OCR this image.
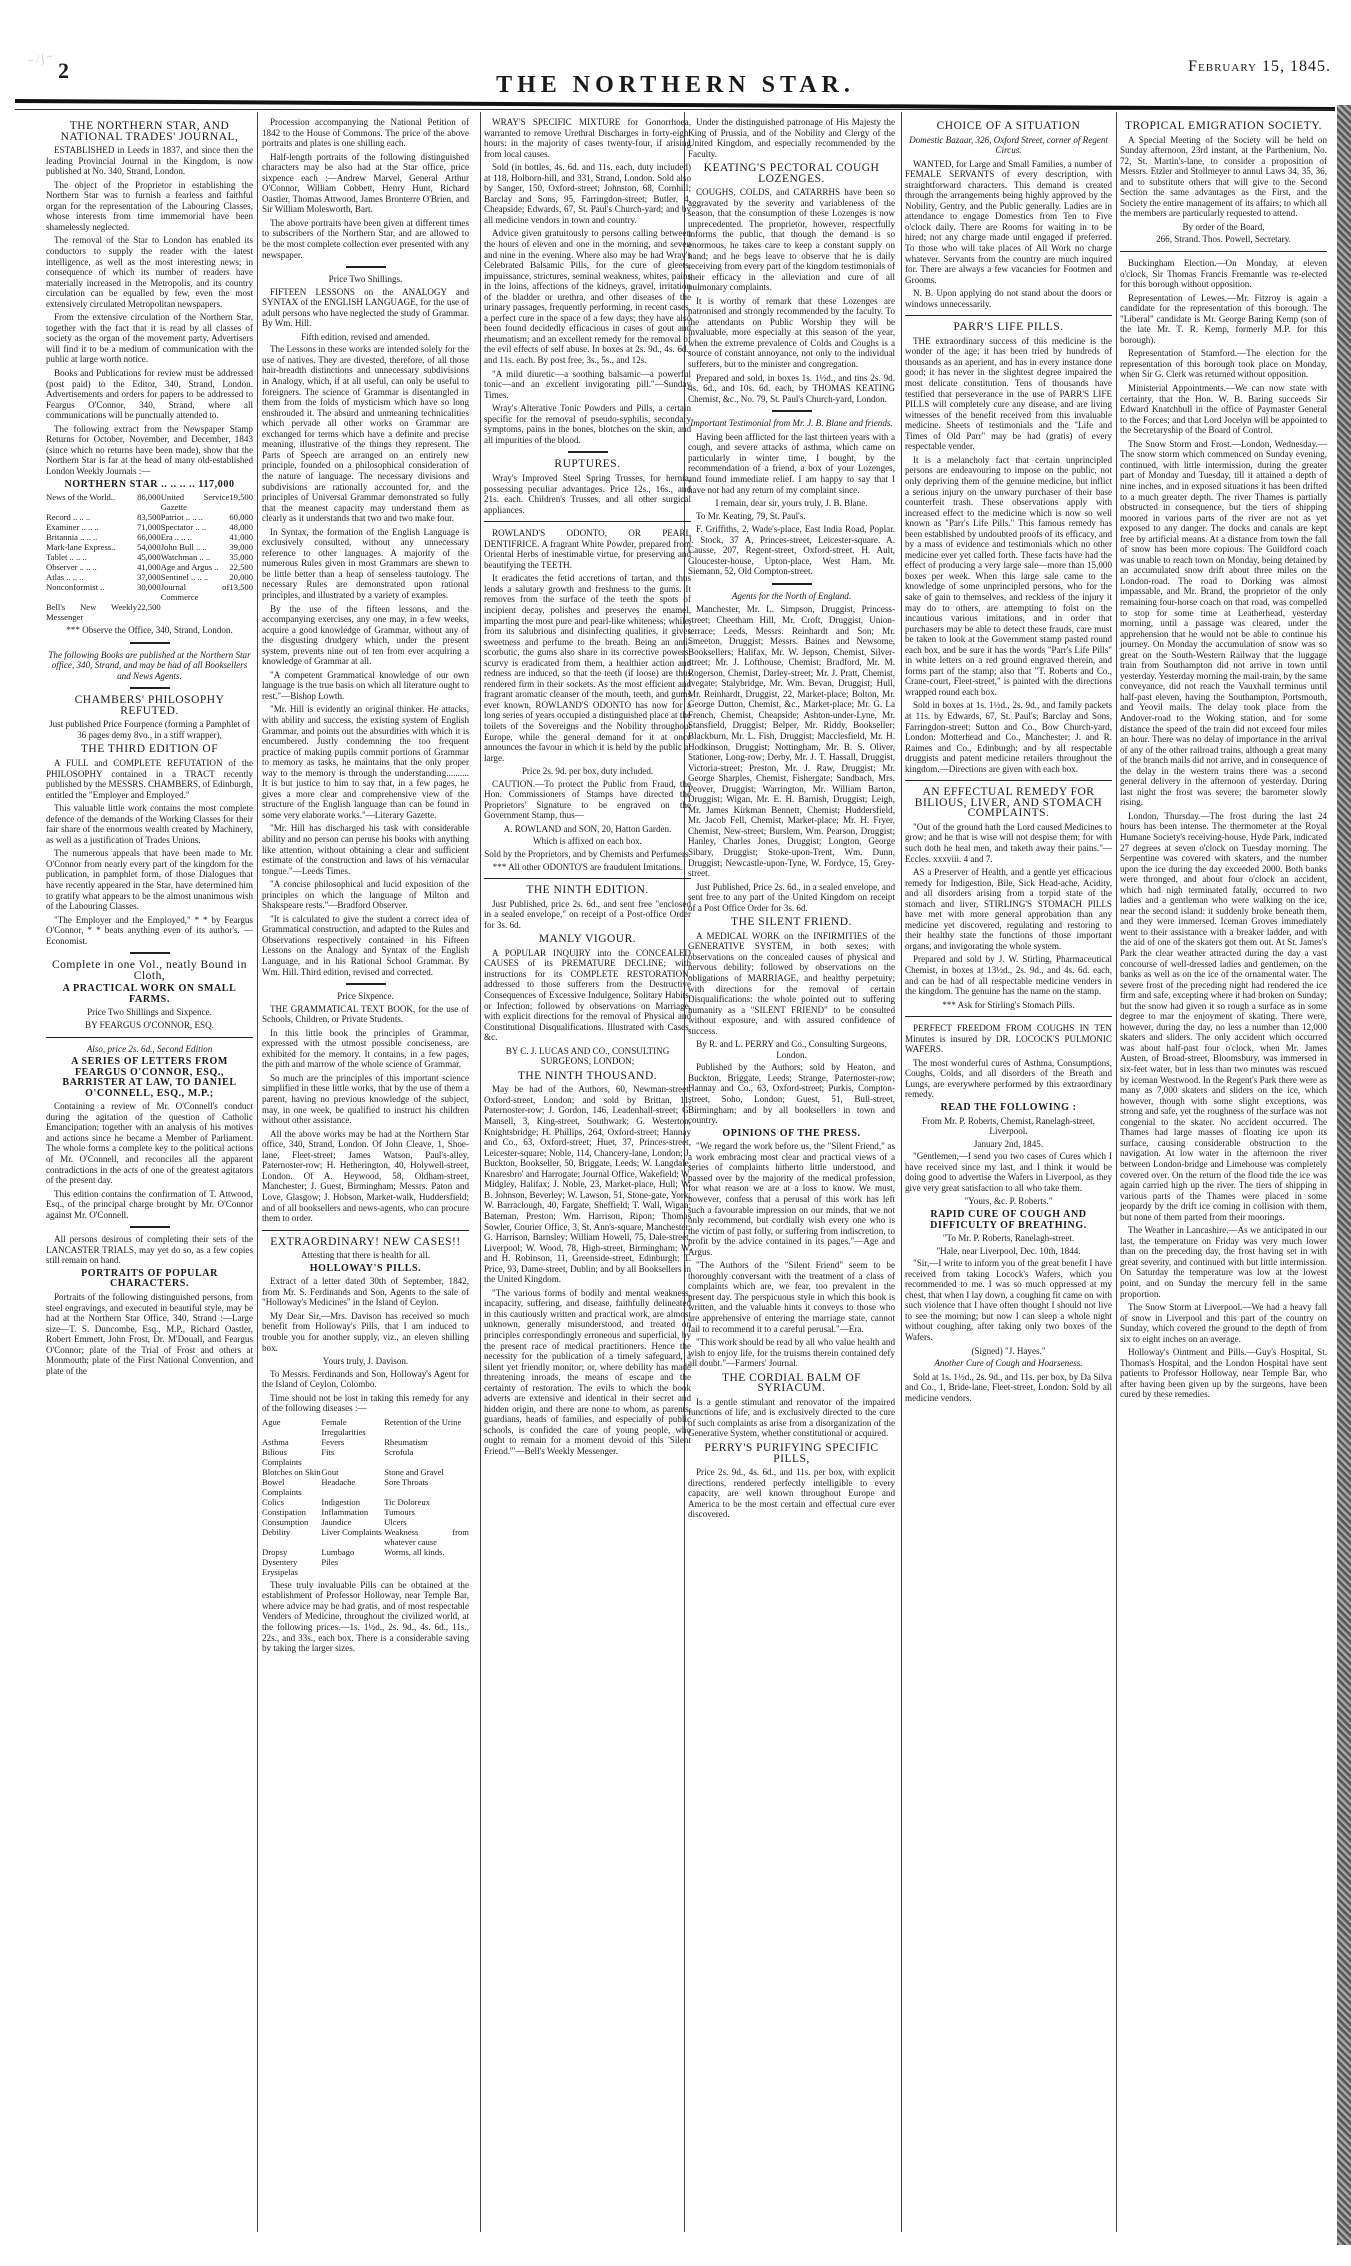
~ ⁄ ∫ ~ 2
THE NORTHERN STAR.
February 15, 1845.
THE NORTHERN STAR, AND NATIONAL TRADES' JOURNAL,

ESTABLISHED in Leeds in 1837, and since then the leading Provincial Journal in the Kingdom, is now published at No. 340, Strand, London.

The object of the Proprietor in establishing the Northern Star was to furnish a fearless and faithful organ for the representation of the Labouring Classes, whose interests from time immemorial have been shamelessly neglected.

The removal of the Star to London has enabled its conductors to supply the reader with the latest intelligence, as well as the most interesting news; in consequence of which its number of readers have materially increased in the Metropolis, and its country circulation can be equalled by few, even the most extensively circulated Metropolitan newspapers.

From the extensive circulation of the Northern Star, together with the fact that it is read by all classes of society as the organ of the movement party, Advertisers will find it to be a medium of communication with the public at large worth notice.

Books and Publications for review must be addressed (post paid) to the Editor, 340, Strand, London. Advertisements and orders for papers to be addressed to Feargus O'Connor, 340, Strand, where all communications will be punctually attended to.

The following extract from the Newspaper Stamp Returns for October, November, and December, 1843 (since which no returns have been made), show that the Northern Star is far at the head of many old-established London Weekly Journals :—

NORTHERN STAR .. .. .. .. 117,000
News of the World..	86,000	United Service Gazette	19,500
Record .. .. ..	83,500	Patriot .. .. ..	60,000
Examiner .. .. ..	71,000	Spectator .. ..	48,000
Britannia .. .. ..	66,000	Era .. .. ..	41,000
Mark-lane Express..	54,000	John Bull .. ..	39,000
Tablet .. .. ..	45,000	Watchman .. ..	35,000
Observer .. .. ..	41,000	Age and Argus ..	22,500
Atlas .. .. ..	37,000	Sentinel .. .. ..	20,000
Nonconformist ..	30,000	Journal of Commerce	13,500
Bell's New Weekly Messenger	22,500		

*** Observe the Office, 340, Strand, London.

The following Books are published at the Northern Star office, 340, Strand, and may be had of all Booksellers and News Agents.

CHAMBERS' PHILOSOPHY REFUTED.

Just published Price Fourpence (forming a Pamphlet of 36 pages demy 8vo., in a stiff wrapper),

THE THIRD EDITION OF

A FULL and COMPLETE REFUTATION of the PHILOSOPHY contained in a TRACT recently published by the MESSRS. CHAMBERS, of Edinburgh, entitled the "Employer and Employed."

This valuable little work contains the most complete defence of the demands of the Working Classes for their fair share of the enormous wealth created by Machinery, as well as a justification of Trades Unions.

The numerous appeals that have been made to Mr. O'Connor from nearly every part of the kingdom for the publication, in pamphlet form, of those Dialogues that have recently appeared in the Star, have determined him to gratify what appears to be the almost unanimous wish of the Labouring Classes.

"The Employer and the Employed," * * by Feargus O'Connor, * * beats anything even of its author's. —Economist.

Complete in one Vol., neatly Bound in Cloth,
A PRACTICAL WORK ON SMALL FARMS.

Price Two Shillings and Sixpence.

BY FEARGUS O'CONNOR, ESQ.

Also, price 2s. 6d., Second Edition

A SERIES OF LETTERS FROM FEARGUS O'CONNOR, ESQ., BARRISTER AT LAW, TO DANIEL O'CONNELL, ESQ., M.P.;

Containing a review of Mr. O'Connell's conduct during the agitation of the question of Catholic Emancipation; together with an analysis of his motives and actions since he became a Member of Parliament. The whole forms a complete key to the political actions of Mr. O'Connell, and reconciles all the apparent contradictions in the acts of one of the greatest agitators of the present day.

This edition contains the confirmation of T. Attwood, Esq., of the principal charge brought by Mr. O'Connor against Mr. O'Connell.

All persons desirous of completing their sets of the LANCASTER TRIALS, may yet do so, as a few copies still remain on hand.

PORTRAITS OF POPULAR CHARACTERS.

Portraits of the following distinguished persons, from steel engravings, and executed in beautiful style, may be had at the Northern Star Office, 340, Strand :—Large size—T. S. Duncombe, Esq., M.P., Richard Oastler, Robert Emmett, John Frost, Dr. M'Douall, and Feargus O'Connor; plate of the Trial of Frost and others at Monmouth; plate of the First National Convention, and plate of the

Procession accompanying the National Petition of 1842 to the House of Commons. The price of the above portraits and plates is one shilling each.

Half-length portraits of the following distinguished characters may be also had at the Star office, price sixpence each :—Andrew Marvel, General Arthur O'Connor, William Cobbett, Henry Hunt, Richard Oastler, Thomas Attwood, James Bronterre O'Brien, and Sir William Molesworth, Bart.

The above portraits have been given at different times to subscribers of the Northern Star, and are allowed to be the most complete collection ever presented with any newspaper.

Price Two Shillings.

FIFTEEN LESSONS on the ANALOGY and SYNTAX of the ENGLISH LANGUAGE, for the use of adult persons who have neglected the study of Grammar. By Wm. Hill.

Fifth edition, revised and amended.

The Lessons in these works are intended solely for the use of natives. They are divested, therefore, of all those hair-breadth distinctions and unnecessary subdivisions in Analogy, which, if at all useful, can only be useful to foreigners. The science of Grammar is disentangled in them from the folds of mysticism which have so long enshrouded it. The absurd and unmeaning technicalities which pervade all other works on Grammar are exchanged for terms which have a definite and precise meaning, illustrative of the things they represent. The Parts of Speech are arranged on an entirely new principle, founded on a philosophical consideration of the nature of language. The necessary divisions and subdivisions are rationally accounted for, and the principles of Universal Grammar demonstrated so fully that the meanest capacity may understand them as clearly as it understands that two and two make four.

In Syntax, the formation of the English Language is exclusively consulted, without any unnecessary reference to other languages. A majority of the numerous Rules given in most Grammars are shewn to be little better than a heap of senseless tautology. The necessary Rules are demonstrated upon rational principles, and illustrated by a variety of examples.

By the use of the fifteen lessons, and the accompanying exercises, any one may, in a few weeks, acquire a good knowledge of Grammar, without any of the disgusting drudgery which, under the present system, prevents nine out of ten from ever acquiring a knowledge of Grammar at all.

"A competent Grammatical knowledge of our own language is the true basis on which all literature ought to rest."—Bishop Lowth.

"Mr. Hill is evidently an original thinker. He attacks, with ability and success, the existing system of English Grammar, and points out the absurdities with which it is encumbered. Justly condemning the too frequent practice of making pupils commit portions of Grammar to memory as tasks, he maintains that the only proper way to the memory is through the understanding.......... It is but justice to him to say that, in a few pages, he gives a more clear and comprehensive view of the structure of the English language than can be found in some very elaborate works."—Literary Gazette.

"Mr. Hill has discharged his task with considerable ability and no person can peruse his books with anything like attention, without obtaining a clear and sufficient estimate of the construction and laws of his vernacular tongue."—Leeds Times.

"A concise philosophical and lucid exposition of the principles on which the language of Milton and Shakspeare rests."—Bradford Observer.

"It is calculated to give the student a correct idea of Grammatical construction, and adapted to the Rules and Observations respectively contained in his Fifteen Lessons on the Analogy and Syntax of the English Language, and in his Rational School Grammar. By Wm. Hill. Third edition, revised and corrected.

Price Sixpence.

THE GRAMMATICAL TEXT BOOK, for the use of Schools, Children, or Private Students.

In this little book the principles of Grammar, expressed with the utmost possible conciseness, are exhibited for the memory. It contains, in a few pages, the pith and marrow of the whole science of Grammar.

So much are the principles of this important science simplified in these little works, that by the use of them a parent, having no previous knowledge of the subject, may, in one week, be qualified to instruct his children without other assistance.

All the above works may be had at the Northern Star office, 340, Strand, London. Of John Cleave, 1, Shoe-lane, Fleet-street; James Watson, Paul's-alley, Paternoster-row; H. Hetherington, 40, Holywell-street, London. Of A. Heywood, 58, Oldham-street, Manchester; J. Guest, Birmingham; Messrs. Paton and Love, Glasgow; J. Hobson, Market-walk, Huddersfield; and of all booksellers and news-agents, who can procure them to order.

EXTRAORDINARY! NEW CASES!!

Attesting that there is health for all.

HOLLOWAY'S PILLS.

Extract of a letter dated 30th of September, 1842, from Mr. S. Ferdinands and Son, Agents to the sale of "Holloway's Medicines" in the Island of Ceylon.

My Dear Sir,—Mrs. Davison has received so much benefit from Holloway's Pills, that I am induced to trouble you for another supply, viz., an eleven shilling box.

Yours truly, J. Davison.

To Messrs. Ferdinands and Son, Holloway's Agent for the Island of Ceylon, Colombo.

Time should not be lost in taking this remedy for any of the following diseases :—

Ague	Female Irregularities	Retention of the Urine
Asthma	Fevers	Rheumatism
Bilious Complaints	Fits	Scrofula
Blotches on Skin	Gout	Stone and Gravel
Bowel Complaints	Headache	Sore Throats
Colics	Indigestion	Tic Doloreux
Constipation	Inflammation	Tumours
Consumption	Jaundice	Ulcers
Debility	Liver Complaints	Weakness from whatever cause
Dropsy	Lumbago	Worms, all kinds.
Dysentery	Piles	
Erysipelas		

These truly invaluable Pills can be obtained at the establishment of Professor Holloway, near Temple Bar, where advice may be had gratis, and of most respectable Venders of Medicine, throughout the civilized world, at the following prices.—1s. 1½d., 2s. 9d., 4s. 6d., 11s., 22s., and 33s., each box. There is a considerable saving by taking the larger sizes.

WRAY'S SPECIFIC MIXTURE for Gonorrhoea, warranted to remove Urethral Discharges in forty-eight hours: in the majority of cases twenty-four, if arising from local causes.

Sold (in bottles, 4s. 6d. and 11s. each, duty included) at 118, Holborn-hill, and 331, Strand, London. Sold also by Sanger, 150, Oxford-street; Johnston, 68, Cornhill; Barclay and Sons, 95, Farringdon-street; Butler, 4, Cheapside; Edwards, 67, St. Paul's Church-yard; and by all medicine vendors in town and country.

Advice given gratuitously to persons calling between the hours of eleven and one in the morning, and seven and nine in the evening. Where also may be had Wray's Celebrated Balsamic Pills, for the cure of gleets, impuissance, strictures, seminal weakness, whites, pains in the loins, affections of the kidneys, gravel, irritation of the bladder or urethra, and other diseases of the urinary passages, frequently performing, in recent cases, a perfect cure in the space of a few days; they have also been found decidedly efficacious in cases of gout and rheumatism; and an excellent remedy for the removal of the evil effects of self abuse. In boxes at 2s. 9d., 4s. 6d., and 11s. each. By post free, 3s., 5s., and 12s.

"A mild diuretic—a soothing balsamic—a powerful tonic—and an excellent invigorating pill."—Sunday Times.

Wray's Alterative Tonic Powders and Pills, a certain specific for the removal of pseudo-syphilis, secondary symptoms, pains in the bones, blotches on the skin, and all impurities of the blood.

RUPTURES.

Wray's Improved Steel Spring Trusses, for hernia, possessing peculiar advantages. Price 12s., 16s., and 21s. each. Children's Trusses, and all other surgical appliances.

ROWLAND'S ODONTO, OR PEARL DENTIFRICE. A fragrant White Powder, prepared from Oriental Herbs of inestimable virtue, for preserving and beautifying the TEETH.

It eradicates the fetid accretions of tartan, and thus lends a salutary growth and freshness to the gums. It removes from the surface of the teeth the spots of incipient decay, polishes and preserves the enamel, imparting the most pure and pearl-like whiteness; while, from its salubrious and disinfecting qualities, it gives sweetness and perfume to the breath. Being an anti-scorbutic, the gums also share in its corrective powers; scurvy is eradicated from them, a healthier action and redness are induced, so that the teeth (if loose) are thus rendered firm in their sockets. As the most efficient and fragrant aromatic cleanser of the mouth, teeth, and gums ever known, ROWLAND'S ODONTO has now for a long series of years occupied a distinguished place at the toilets of the Sovereigns and the Nobility throughout Europe, while the general demand for it at once announces the favour in which it is held by the public at large.

Price 2s. 9d. per box, duty included.

CAUTION.—To protect the Public from Fraud, the Hon. Commissioners of Stamps have directed the Proprietors' Signature to be engraved on the Government Stamp, thus—

A. ROWLAND and SON, 20, Hatton Garden.

Which is affixed on each box.

Sold by the Proprietors, and by Chemists and Perfumers.

*** All other ODONTO'S are fraudulent Imitations.

THE NINTH EDITION.

Just Published, price 2s. 6d., and sent free "enclosed in a sealed envelope," on receipt of a Post-office Order for 3s. 6d.

MANLY VIGOUR.

A POPULAR INQUIRY into the CONCEALED CAUSES of its PREMATURE DECLINE; with instructions for its COMPLETE RESTORATION, addressed to those sufferers from the Destructive Consequences of Excessive Indulgence, Solitary Habits, or Infection; followed by observations on Marriage, with explicit directions for the removal of Physical and Constitutional Disqualifications. Illustrated with Cases, &c.

BY C. J. LUCAS AND CO., CONSULTING SURGEONS, LONDON;

THE NINTH THOUSAND.

May be had of the Authors, 60, Newman-street, Oxford-street, London; and sold by Brittan, 11, Paternoster-row; J. Gordon, 146, Leadenhall-street; G. Mansell, 3, King-street, Southwark; G. Westerton, Knightsbridge; H. Phillips, 264, Oxford-street; Hannay and Co., 63, Oxford-street; Huet, 37, Princes-street, Leicester-square; Noble, 114, Chancery-lane, London; J. Buckton, Bookseller, 50, Briggate, Leeds; W. Langdale, Knaresbro' and Harrogate; Journal Office, Wakefield; W. Midgley, Halifax; J. Noble, 23, Market-place, Hull; W. B. Johnson, Beverley; W. Lawson, 51, Stone-gate, York; W. Barraclough, 40, Fargate, Sheffield; T. Wall, Wigan; Bateman, Preston; Wm. Harrison, Ripon; Thomas Sowler, Courier Office, 3, St. Ann's-square, Manchester; G. Harrison, Barnsley; William Howell, 75, Dale-street, Liverpool; W. Wood, 78, High-street, Birmingham; W. and H. Robinson, 11, Greenside-street, Edinburgh; T. Price, 93, Dame-street, Dublin; and by all Booksellers in the United Kingdom.

"The various forms of bodily and mental weakness, incapacity, suffering, and disease, faithfully delineated in this cautiously written and practical work, are almost unknown, generally misunderstood, and treated on principles correspondingly erroneous and superficial, by the present race of medical practitioners. Hence the necessity for the publication of a timely safeguard, a silent yet friendly monitor; or, where debility has made threatening inroads, the means of escape and the certainty of restoration. The evils to which the book adverts are extensive and identical in their secret and hidden origin, and there are none to whom, as parents, guardians, heads of families, and especially of public schools, is confided the care of young people, who ought to remain for a moment devoid of this 'Silent Friend.'"—Bell's Weekly Messenger.

Under the distinguished patronage of His Majesty the King of Prussia, and of the Nobility and Clergy of the United Kingdom, and especially recommended by the Faculty.

KEATING'S PECTORAL COUGH LOZENGES.

COUGHS, COLDS, and CATARRHS have been so aggravated by the severity and variableness of the season, that the consumption of these Lozenges is now unprecedented. The proprietor, however, respectfully informs the public, that though the demand is so enormous, he takes care to keep a constant supply on hand; and he begs leave to observe that he is daily receiving from every part of the kingdom testimonials of their efficacy in the alleviation and cure of all pulmonary complaints.

It is worthy of remark that these Lozenges are patronised and strongly recommended by the faculty. To the attendants on Public Worship they will be invaluable, more especially at this season of the year, when the extreme prevalence of Colds and Coughs is a source of constant annoyance, not only to the individual sufferers, but to the minister and congregation.

Prepared and sold, in boxes 1s. 1½d., and tins 2s. 9d. 4s. 6d., and 10s. 6d. each, by THOMAS KEATING Chemist, &c., No. 79, St. Paul's Church-yard, London.

Important Testimonial from Mr. J. B. Blane and friends.

Having been afflicted for the last thirteen years with a cough, and severe attacks of asthma, which came on particularly in winter time, I bought, by the recommendation of a friend, a box of your Lozenges, and found immediate relief. I am happy to say that I have not had any return of my complaint since.

I remain, dear sir, yours truly, J. B. Blane.

To Mr. Keating, 79, St. Paul's.

F. Griffiths, 2, Wade's-place, East India Road, Poplar. J. Stock, 37 A, Princes-street, Leicester-square. A. Causse, 207, Regent-street, Oxford-street. H. Ault, Gloucester-house, Upton-place, West Ham. Mr. Siemann, 52, Old Compton-street.

Agents for the North of England.

Manchester, Mr. L. Simpson, Druggist, Princess-street; Cheetham Hill, Mr. Croft, Druggist, Union-terrace; Leeds, Messrs. Reinhardt and Son; Mr. Smeeton, Druggist; Messrs. Baines and Newsome, Booksellers; Halifax, Mr. W. Jepson, Chemist, Silver-street; Mr. J. Lofthouse, Chemist; Bradford, Mr. M. Rogerson, Chemist, Darley-street; Mr. J. Pratt, Chemist, Ivegate; Stalybridge, Mr. Wm. Bevan, Druggist; Hull, Mr. Reinhardt, Druggist, 22, Market-place; Bolton, Mr. George Dutton, Chemist, &c., Market-place; Mr. G. La French, Chemist, Cheapside; Ashton-under-Lyne, Mr. Stansfield, Druggist; Belper, Mr. Riddy, Bookseller; Blackburn, Mr. L. Fish, Druggist; Macclesfield, Mr. H. Hodkinson, Druggist; Nottingham, Mr. B. S. Oliver, Stationer, Long-row; Derby, Mr. J. T. Hassall, Druggist, Victoria-street; Preston, Mr. J. Raw, Druggist; Mr. George Sharples, Chemist, Fishergate; Sandbach, Mrs. Peover, Druggist; Warrington, Mr. William Barton, Druggist; Wigan, Mr. E. H. Barnish, Druggist; Leigh, Mr. James Kirkman Bennett, Chemist; Huddersfield, Mr. Jacob Fell, Chemist, Market-place; Mr. H. Fryer, Chemist, New-street; Burslem, Wm. Pearson, Druggist; Hanley, Charles Jones, Druggist; Longton, George Sibary, Druggist; Stoke-upon-Trent, Wm. Dunn, Druggist; Newcastle-upon-Tyne, W. Fordyce, 15, Grey-street.

Just Published, Price 2s. 6d., in a sealed envelope, and sent free to any part of the United Kingdom on receipt of a Post Office Order for 3s. 6d.

THE SILENT FRIEND.

A MEDICAL WORK on the INFIRMITIES of the GENERATIVE SYSTEM, in both sexes; with observations on the concealed causes of physical and nervous debility; followed by observations on the obligations of MARRIAGE, and healthy perpetuity; with directions for the removal of certain Disqualifications: the whole pointed out to suffering humanity as a "SILENT FRIEND" to be consulted without exposure, and with assured confidence of success.

By R. and L. PERRY and Co., Consulting Surgeons, London.

Published by the Authors; sold by Heaton, and Buckton, Briggate, Leeds; Strange, Paternoster-row; Hannay and Co., 63, Oxford-street; Purkis, Compton-street, Soho, London; Guest, 51, Bull-street, Birmingham; and by all booksellers in town and country.

OPINIONS OF THE PRESS.

"We regard the work before us, the "Silent Friend," as a work embracing most clear and practical views of a series of complaints hitherto little understood, and passed over by the majority of the medical profession, for what reason we are at a loss to know. We must, however, confess that a perusal of this work has left such a favourable impression on our minds, that we not only recommend, but cordially wish every one who is the victim of past folly, or suffering from indiscretion, to profit by the advice contained in its pages."—Age and Argus.

"The Authors of the "Silent Friend" seem to be thoroughly conversant with the treatment of a class of complaints which are, we fear, too prevalent in the present day. The perspicuous style in which this book is written, and the valuable hints it conveys to those who are apprehensive of entering the marriage state, cannot fail to recommend it to a careful perusal."—Era.

"This work should be read by all who value health and wish to enjoy life, for the truisms therein contained defy all doubt."—Farmers' Journal.

THE CORDIAL BALM OF SYRIACUM.

Is a gentle stimulant and renovator of the impaired functions of life, and is exclusively directed to the cure of such complaints as arise from a disorganization of the Generative System, whether constitutional or acquired.

PERRY'S PURIFYING SPECIFIC PILLS,

Price 2s. 9d., 4s. 6d., and 11s. per box, with explicit directions, rendered perfectly intelligible to every capacity, are well known throughout Europe and America to be the most certain and effectual cure ever discovered.

CHOICE OF A SITUATION

Domestic Bazaar, 326, Oxford Street, corner of Regent Circus.

WANTED, for Large and Small Families, a number of FEMALE SERVANTS of every description, with straightforward characters. This demand is created through the arrangements being highly approved by the Nobility, Gentry, and the Public generally. Ladies are in attendance to engage Domestics from Ten to Five o'clock daily. There are Rooms for waiting in to be hired; not any charge made until engaged if preferred. To those who will take places of All Work no charge whatever. Servants from the country are much inquired for. There are always a few vacancies for Footmen and Grooms.

N. B. Upon applying do not stand about the doors or windows unnecessarily.

PARR'S LIFE PILLS.

THE extraordinary success of this medicine is the wonder of the age; it has been tried by hundreds of thousands as an aperient, and has in every instance done good; it has never in the slightest degree impaired the most delicate constitution. Tens of thousands have testified that perseverance in the use of PARR'S LIFE PILLS will completely cure any disease, and are living witnesses of the benefit received from this invaluable medicine. Sheets of testimonials and the "Life and Times of Old Parr" may be had (gratis) of every respectable vender.

It is a melancholy fact that certain unprincipled persons are endeavouring to impose on the public, not only depriving them of the genuine medicine, but inflict a serious injury on the unwary purchaser of their base counterfeit trash. These observations apply with increased effect to the medicine which is now so well known as "Parr's Life Pills." This famous remedy has been established by undoubted proofs of its efficacy, and by a mass of evidence and testimonials which no other medicine ever yet called forth. These facts have had the effect of producing a very large sale—more than 15,000 boxes per week. When this large sale came to the knowledge of some unprincipled persons, who for the sake of gain to themselves, and reckless of the injury it may do to others, are attempting to foist on the incautious various imitations, and in order that purchasers may be able to detect these frauds, care must be taken to look at the Government stamp pasted round each box, and be sure it has the words "Parr's Life Pills" in white letters on a red ground engraved therein, and forms part of the stamp; also that "T. Roberts and Co., Crane-court, Fleet-street," is painted with the directions wrapped round each box.

Sold in boxes at 1s. 1½d., 2s. 9d., and family packets at 11s. by Edwards, 67, St. Paul's; Barclay and Sons, Farringdon-street; Sutton and Co., Bow Church-yard, London: Motterhead and Co., Manchester; J. and R. Raimes and Co., Edinburgh; and by all respectable druggists and patent medicine retailers throughout the kingdom.—Directions are given with each box.

AN EFFECTUAL REMEDY FOR BILIOUS, LIVER, AND STOMACH COMPLAINTS.

"Out of the ground hath the Lord caused Medicines to grow; and he that is wise will not despise them; for with such doth he heal men, and taketh away their pains."—Eccles. xxxviii. 4 and 7.

AS a Preserver of Health, and a gentle yet efficacious remedy for Indigestion, Bile, Sick Head-ache, Acidity, and all disorders arising from a torpid state of the stomach and liver, STIRLING'S STOMACH PILLS have met with more general approbation than any medicine yet discovered, regulating and restoring to their healthy state the functions of those important organs, and invigorating the whole system.

Prepared and sold by J. W. Stirling, Pharmaceutical Chemist, in boxes at 13½d., 2s. 9d., and 4s. 6d. each, and can be had of all respectable medicine venders in the kingdom. The genuine has the name on the stamp.

*** Ask for Stirling's Stomach Pills.

PERFECT FREEDOM FROM COUGHS IN TEN Minutes is insured by DR. LOCOCK'S PULMONIC WAFERS.

The most wonderful cures of Asthma, Consumptions, Coughs, Colds, and all disorders of the Breath and Lungs, are everywhere performed by this extraordinary remedy.

READ THE FOLLOWING :

From Mr. P. Roberts, Chemist, Ranelagh-street, Liverpool.

January 2nd, 1845.

"Gentlemen,—I send you two cases of Cures which I have received since my last, and I think it would be doing good to advertise the Wafers in Liverpool, as they give very great satisfaction to all who take them.

"Yours, &c. P. Roberts."

RAPID CURE OF COUGH AND DIFFICULTY OF BREATHING.

"To Mr. P. Roberts, Ranelagh-street.

"Hale, near Liverpool, Dec. 10th, 1844.

"Sir,—I write to inform you of the great benefit I have received from taking Locock's Wafers, which you recommended to me. I was so much oppressed at my chest, that when I lay down, a coughing fit came on with such violence that I have often thought I should not live to see the morning; but now I can sleep a whole night without coughing, after taking only two boxes of the Wafers.

(Signed) "J. Hayes."

Another Cure of Cough and Hoarseness.

Sold at 1s. 1½d., 2s. 9d., and 11s. per box, by Da Silva and Co., 1, Bride-lane, Fleet-street, London. Sold by all medicine vendors.

TROPICAL EMIGRATION SOCIETY.

A Special Meeting of the Society will be held on Sunday afternoon, 23rd instant, at the Parthenium, No. 72, St. Martin's-lane, to consider a proposition of Messrs. Etzler and Stollmeyer to annul Laws 34, 35, 36, and to substitute others that will give to the Second Section the same advantages as the First, and the Society the entire management of its affairs; to which all the members are particularly requested to attend.

By order of the Board,

266, Strand. Thos. Powell, Secretary.

Buckingham Election.—On Monday, at eleven o'clock, Sir Thomas Francis Fremantle was re-elected for this borough without opposition.

Representation of Lewes.—Mr. Fitzroy is again a candidate for the representation of this borough. The "Liberal" candidate is Mr. George Baring Kemp (son of the late Mr. T. R. Kemp, formerly M.P. for this borough).

Representation of Stamford.—The election for the representation of this borough took place on Monday, when Sir G. Clerk was returned without opposition.

Ministerial Appointments.—We can now state with certainty, that the Hon. W. B. Baring succeeds Sir Edward Knatchbull in the office of Paymaster General to the Forces; and that Lord Jocelyn will be appointed to the Secretaryship of the Board of Control.

The Snow Storm and Frost.—London, Wednesday.—The snow storm which commenced on Sunday evening, continued, with little intermission, during the greater part of Monday and Tuesday, till it attained a depth of nine inches, and in exposed situations it has been drifted to a much greater depth. The river Thames is partially obstructed in consequence, but the tiers of shipping moored in various parts of the river are not as yet exposed to any danger. The docks and canals are kept free by artificial means. At a distance from town the fall of snow has been more copious. The Guildford coach was unable to reach town on Monday, being detained by an accumulated snow drift about three miles on the London-road. The road to Dorking was almost impassable, and Mr. Brand, the proprietor of the only remaining four-horse coach on that road, was compelled to stop for some time at Leatherhead, yesterday morning, until a passage was cleared, under the apprehension that he would not be able to continue his journey. On Monday the accumulation of snow was so great on the South-Western Railway that the luggage train from Southampton did not arrive in town until yesterday. Yesterday morning the mail-train, by the same conveyance, did not reach the Vauxhall terminus until half-past eleven, having the Southampton, Portsmouth, and Yeovil mails. The delay took place from the Andover-road to the Woking station, and for some distance the speed of the train did not exceed four miles an hour. There was no delay of importance in the arrival of any of the other railroad trains, although a great many of the branch mails did not arrive, and in consequence of the delay in the western trains there was a second general delivery in the afternoon of yesterday. During last night the frost was severe; the barometer slowly rising.

London, Thursday.—The frost during the last 24 hours has been intense. The thermometer at the Royal Humane Society's receiving-house, Hyde Park, indicated 27 degrees at seven o'clock on Tuesday morning. The Serpentine was covered with skaters, and the number upon the ice during the day exceeded 2000. Both banks were thronged, and about four o'clock an accident, which had nigh terminated fatally, occurred to two ladies and a gentleman who were walking on the ice, near the second island: it suddenly broke beneath them, and they were immersed. Iceman Groves immediately went to their assistance with a breaker ladder, and with the aid of one of the skaters got them out. At St. James's Park the clear weather attracted during the day a vast concourse of well-dressed ladies and gentlemen, on the banks as well as on the ice of the ornamental water. The severe frost of the preceding night had rendered the ice firm and safe, excepting where it had broken on Sunday; but the snow had given it so rough a surface as in some degree to mar the enjoyment of skating. There were, however, during the day, no less a number than 12,000 skaters and sliders. The only accident which occurred was about half-past four o'clock, when Mr. James Austen, of Broad-street, Bloomsbury, was immersed in six-feet water, but in less than two minutes was rescued by iceman Westwood. In the Regent's Park there were as many as 7,000 skaters and sliders on the ice, which however, though with some slight exceptions, was strong and safe, yet the roughness of the surface was not congenial to the skater. No accident occurred. The Thames had large masses of floating ice upon its surface, causing considerable obstruction to the navigation. At low water in the afternoon the river between London-bridge and Limehouse was completely covered over. On the return of the flood tide the ice was again carried high up the river. The tiers of shipping in various parts of the Thames were placed in some jeopardy by the drift ice coming in collision with them, but none of them parted from their moorings.

The Weather in Lancashire.—As we anticipated in our last, the temperature on Friday was very much lower than on the preceding day, the frost having set in with great severity, and continued with but little intermission. On Saturday the temperature was low at the lowest point, and on Sunday the mercury fell in the same proportion.

The Snow Storm at Liverpool.—We had a heavy fall of snow in Liverpool and this part of the country on Sunday, which covered the ground to the depth of from six to eight inches on an average.

Holloway's Ointment and Pills.—Guy's Hospital, St. Thomas's Hospital, and the London Hospital have sent patients to Professor Holloway, near Temple Bar, who after having been given up by the surgeons, have been cured by these remedies.
